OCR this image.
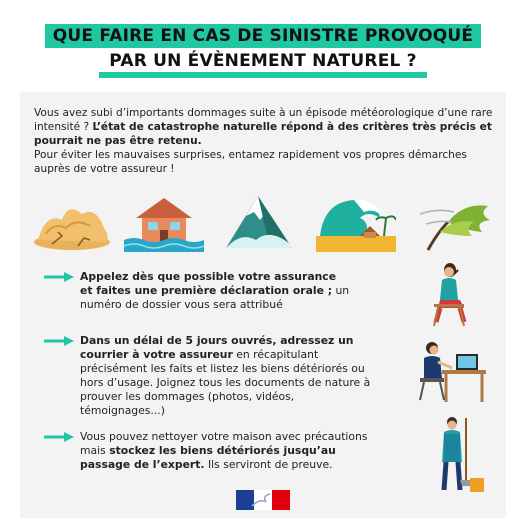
QUE FAIRE EN CAS DE SINISTRE PROVOQUÉ
PAR UN ÉVÈNEMENT NATUREL ?
Vous avez subi d’importants dommages suite à un épisode météorologique d’une rare intensité ? L’état de catastrophe naturelle répond à des critères très précis et pourrait ne pas être retenu.
Pour éviter les mauvaises surprises, entamez rapidement vos propres démarches auprès de votre assureur !
Appelez dès que possible votre assurance et faites une première déclaration orale ; un numéro de dossier vous sera attribué
Dans un délai de 5 jours ouvrés, adressez un courrier à votre assureur en récapitulant précisément les faits et listez les biens détériorés ou hors d’usage. Joignez tous les documents de nature à prouver les dommages (photos, vidéos, témoignages...)
Vous pouvez nettoyer votre maison avec précautions mais stockez les biens détériorés jusqu’au passage de l’expert. Ils serviront de preuve.
